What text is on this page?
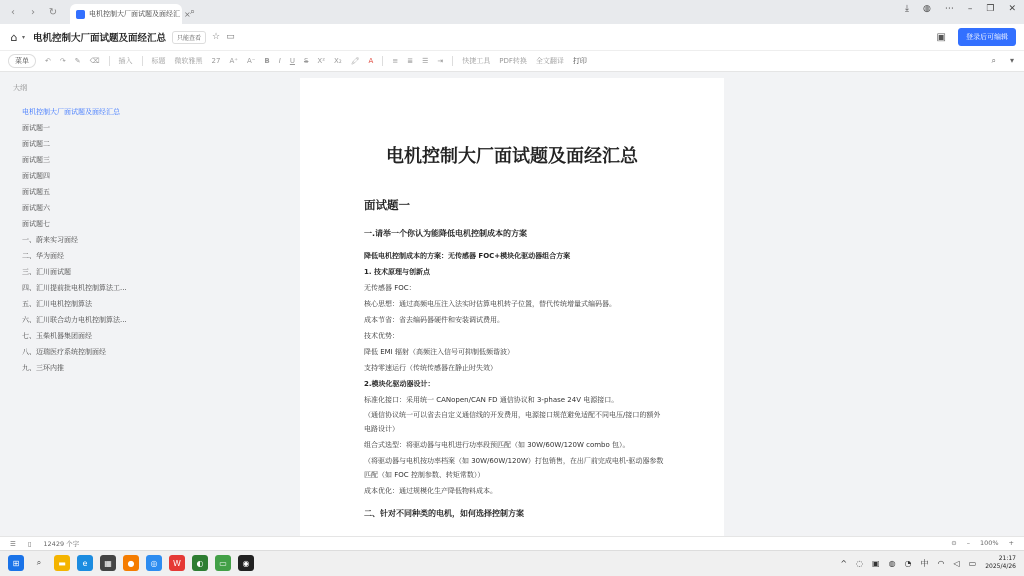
‹	›	↻	电机控制大厂面试题及面经汇 × ⌕	⤓ ◍ ⋯ – ❐ ✕
⌂ ▾ 电机控制大厂面试题及面经汇总	只能查看	☆ ▭	▣	登录后可编辑
菜单	↶ ↷ ✎ ⌫	插入	标题 微软雅黑 27 A⁺ A⁻ B I U S X² X₂ 🖍 A	≡ ≣ ☰ ⇥	快捷工具 PDF转换 全文翻译 打印	⌕ ▾
大纲
电机控制大厂面试题及面经汇总
面试题一
面试题二
面试题三
面试题四
面试题五
面试题六
面试题七
一、蔚来实习面经
二、华为面经
三、汇川面试题
四、汇川提前批电机控制算法工...
五、汇川电机控制算法
六、汇川联合动力电机控制算法...
七、玉柴机器集团面经
八、迈瑞医疗系统控制面经
九、三环内推
电机控制大厂面试题及面经汇总
面试题一
一.请举一个你认为能降低电机控制成本的方案
降低电机控制成本的方案：无传感器 FOC+模块化驱动器组合方案
1. 技术原理与创新点
无传感器 FOC：
核心思想：通过高频电压注入法实时估算电机转子位置，替代传统增量式编码器。
成本节省：省去编码器硬件和安装调试费用。
技术优势：
降低 EMI 辐射（高频注入信号可抑制低频谐波）
支持零速运行（传统传感器在静止时失效）
2.模块化驱动器设计：
标准化接口：采用统一 CANopen/CAN FD 通信协议和 3-phase 24V 电源接口。
（通信协议统一可以省去自定义通信线的开发费用，电源接口规范避免适配不同电压/接口的额外电路设计）
组合式选型：将驱动器与电机进行功率段预匹配（如 30W/60W/120W combo 包）。
（将驱动器与电机按功率档案（如 30W/60W/120W）打包销售，在出厂前完成电机-驱动器参数匹配（如 FOC 控制参数、转矩常数））
成本优化：通过规模化生产降低物料成本。
二、针对不同种类的电机，如何选择控制方案
☰ ▯ 12429 个字	⊙ – 100% +
⊞	⌕	▬	e	▦	●	◎	W	◐	▭	◉	^ ◌ ▣ ◍ ◔ 中 ◠ ◁ ▭	21:17
2025/4/26
